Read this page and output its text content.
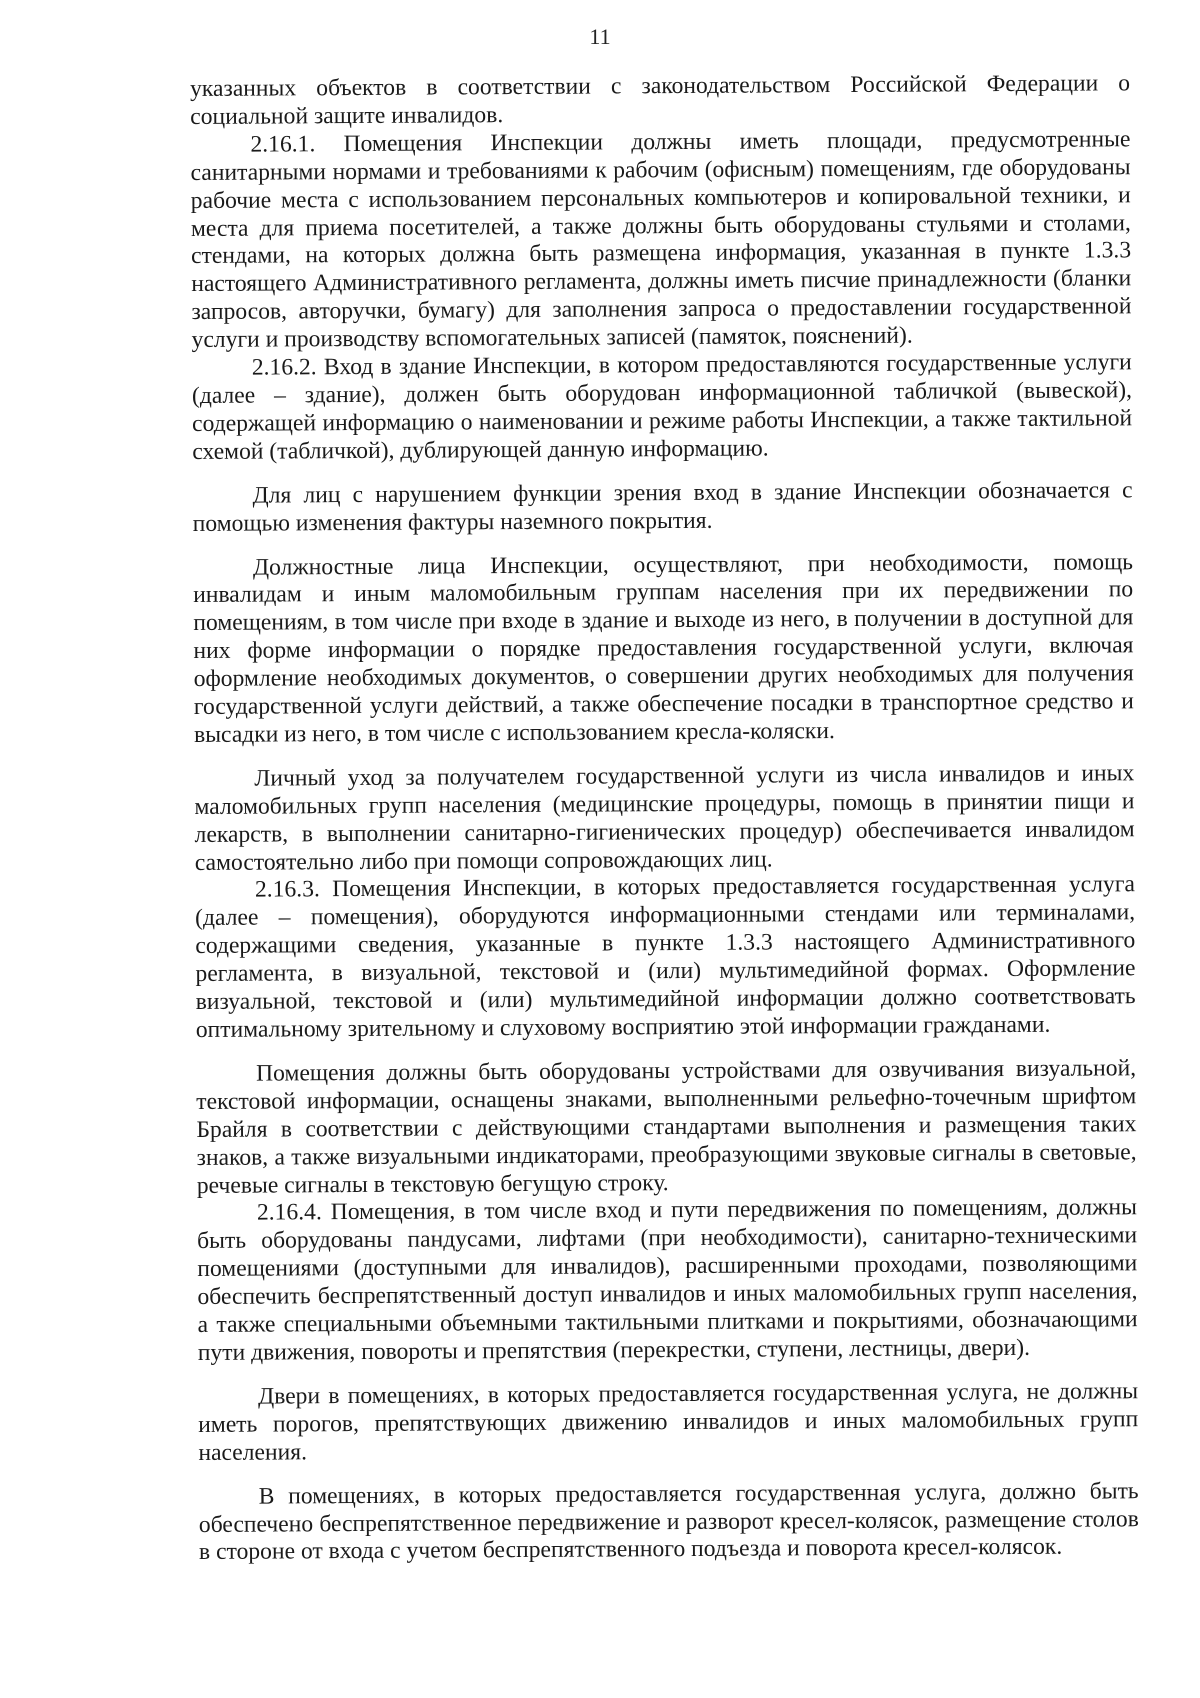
11

указанных объектов в соответствии с законодательством Российской Федерации о социальной защите инвалидов.

2.16.1. Помещения Инспекции должны иметь площади, предусмотренные санитарными нормами и требованиями к рабочим (офисным) помещениям, где оборудованы рабочие места с использованием персональных компьютеров и копировальной техники, и места для приема посетителей, а также должны быть оборудованы стульями и столами, стендами, на которых должна быть размещена информация, указанная в пункте 1.3.3 настоящего Административного регламента, должны иметь писчие принадлежности (бланки запросов, авторучки, бумагу) для заполнения запроса о предоставлении государственной услуги и производству вспомогательных записей (памяток, пояснений).

2.16.2. Вход в здание Инспекции, в котором предоставляются государственные услуги (далее – здание), должен быть оборудован информационной табличкой (вывеской), содержащей информацию о наименовании и режиме работы Инспекции, а также тактильной схемой (табличкой), дублирующей данную информацию.

Для лиц с нарушением функции зрения вход в здание Инспекции обозначается с помощью изменения фактуры наземного покрытия.

Должностные лица Инспекции, осуществляют, при необходимости, помощь инвалидам и иным маломобильным группам населения при их передвижении по помещениям, в том числе при входе в здание и выходе из него, в получении в доступной для них форме информации о порядке предоставления государственной услуги, включая оформление необходимых документов, о совершении других необходимых для получения государственной услуги действий, а также обеспечение посадки в транспортное средство и высадки из него, в том числе с использованием кресла-коляски.

Личный уход за получателем государственной услуги из числа инвалидов и иных маломобильных групп населения (медицинские процедуры, помощь в принятии пищи и лекарств, в выполнении санитарно-гигиенических процедур) обеспечивается инвалидом самостоятельно либо при помощи сопровождающих лиц.

2.16.3. Помещения Инспекции, в которых предоставляется государственная услуга (далее – помещения), оборудуются информационными стендами или терминалами, содержащими сведения, указанные в пункте 1.3.3 настоящего Административного регламента, в визуальной, текстовой и (или) мультимедийной формах. Оформление визуальной, текстовой и (или) мультимедийной информации должно соответствовать оптимальному зрительному и слуховому восприятию этой информации гражданами.

Помещения должны быть оборудованы устройствами для озвучивания визуальной, текстовой информации, оснащены знаками, выполненными рельефно-точечным шрифтом Брайля в соответствии с действующими стандартами выполнения и размещения таких знаков, а также визуальными индикаторами, преобразующими звуковые сигналы в световые, речевые сигналы в текстовую бегущую строку.

2.16.4. Помещения, в том числе вход и пути передвижения по помещениям, должны быть оборудованы пандусами, лифтами (при необходимости), санитарно-техническими помещениями (доступными для инвалидов), расширенными проходами, позволяющими обеспечить беспрепятственный доступ инвалидов и иных маломобильных групп населения, а также специальными объемными тактильными плитками и покрытиями, обозначающими пути движения, повороты и препятствия (перекрестки, ступени, лестницы, двери).

Двери в помещениях, в которых предоставляется государственная услуга, не должны иметь порогов, препятствующих движению инвалидов и иных маломобильных групп населения.

В помещениях, в которых предоставляется государственная услуга, должно быть обеспечено беспрепятственное передвижение и разворот кресел-колясок, размещение столов в стороне от входа с учетом беспрепятственного подъезда и поворота кресел-колясок.
